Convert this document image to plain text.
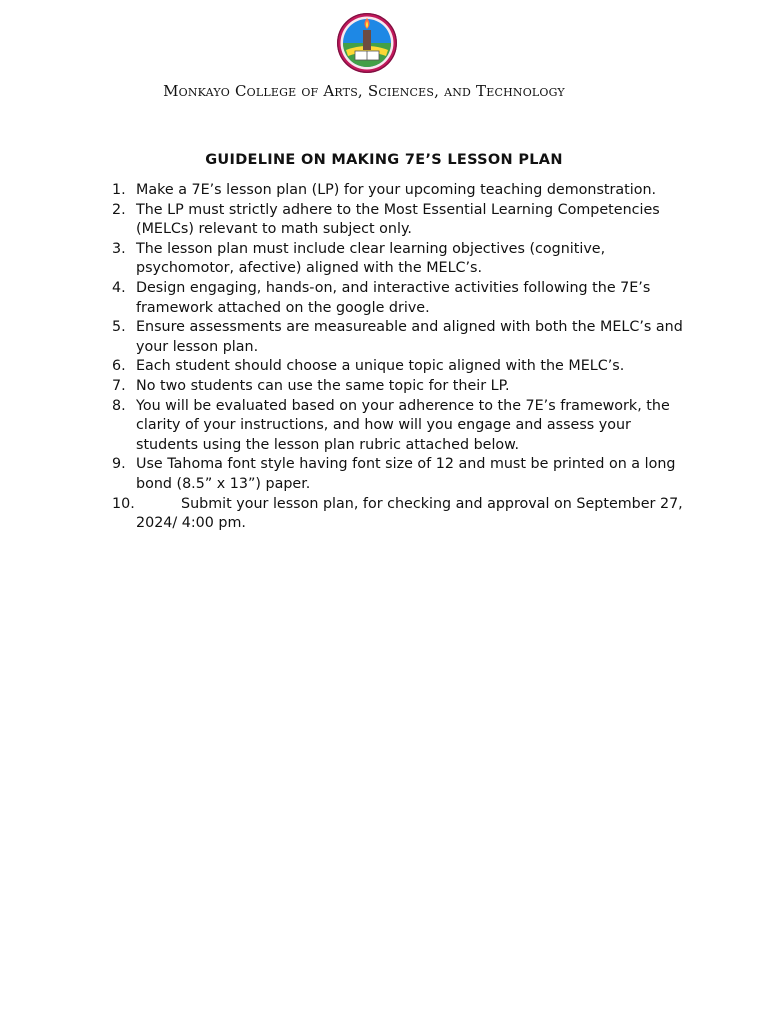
Monkayo College of Arts, Sciences, and Technology
GUIDELINE ON MAKING 7E’S LESSON PLAN
1. Make a 7E’s lesson plan (LP) for your upcoming teaching demonstration.
2. The LP must strictly adhere to the Most Essential Learning Competencies (MELCs) relevant to math subject only.
3. The lesson plan must include clear learning objectives (cognitive, psychomotor, afective) aligned with the MELC’s.
4. Design engaging, hands-on, and interactive activities following the 7E’s framework attached on the google drive.
5. Ensure assessments are measureable and aligned with both the MELC’s and your lesson plan.
6. Each student should choose a unique topic aligned with the MELC’s.
7. No two students can use the same topic for their LP.
8. You will be evaluated based on your adherence to the 7E’s framework, the clarity of your instructions, and how will you engage and assess your students using the lesson plan rubric attached below.
9. Use Tahoma font style having font size of 12 and must be printed on a long bond (8.5” x 13”) paper.
10.	Submit your lesson plan, for checking and approval on September 27, 2024/ 4:00 pm.
